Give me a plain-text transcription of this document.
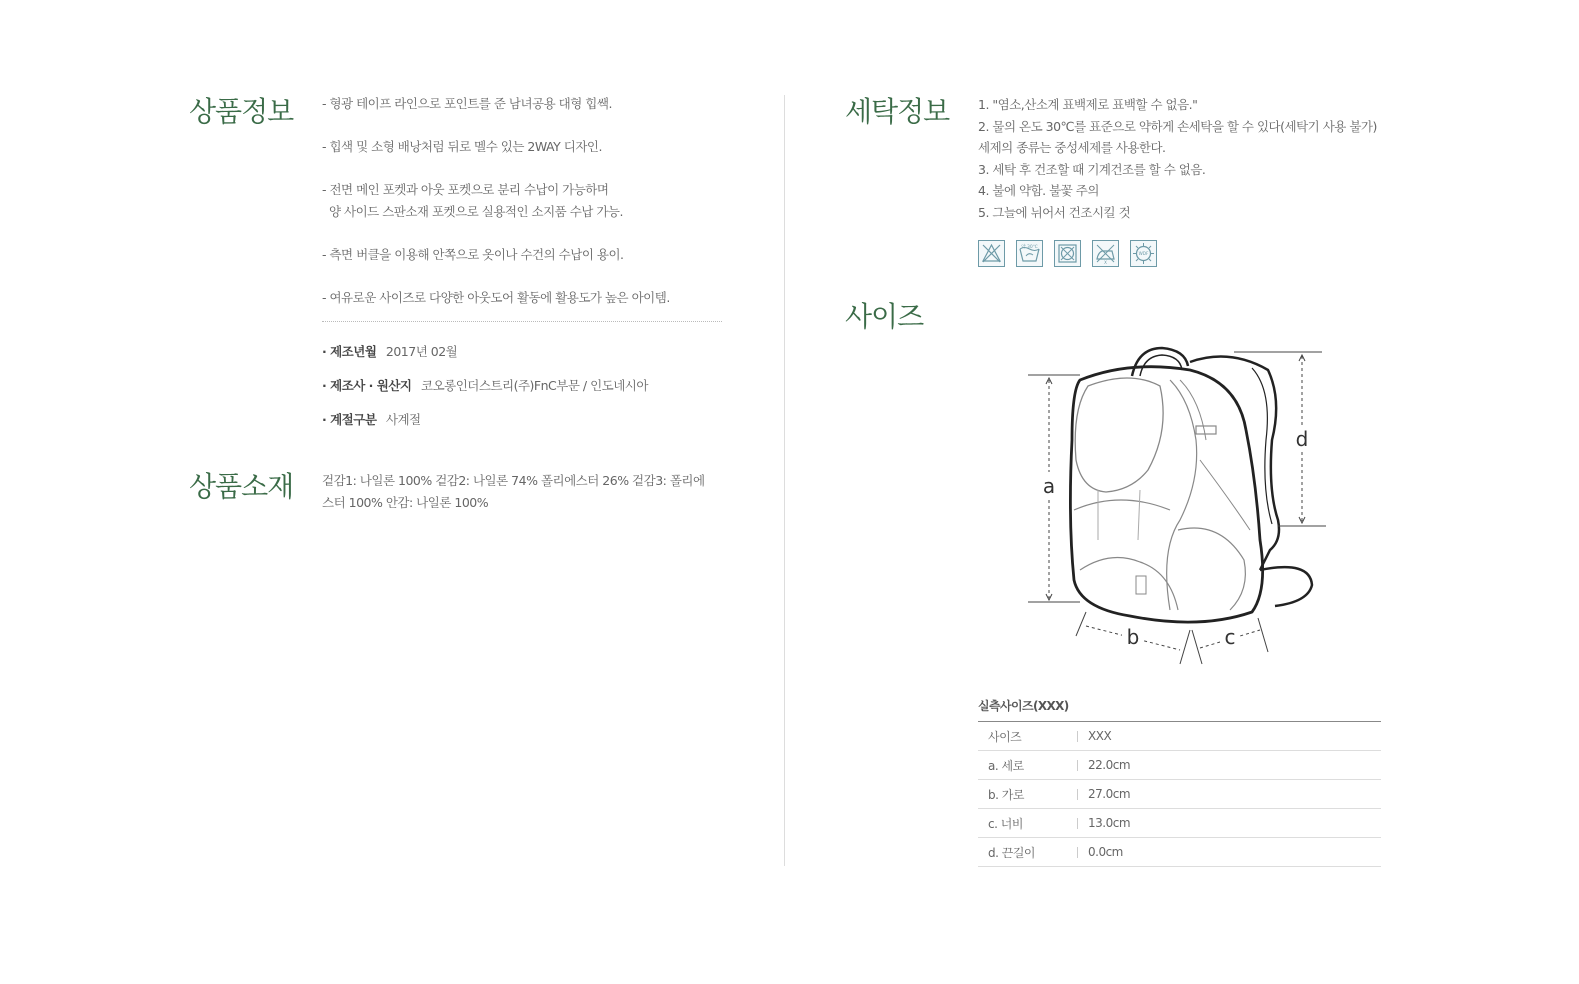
상품정보 - 형광 테이프 라인으로 포인트를 준 남녀공용 대형 힙쌕.
- 힙색 및 소형 배낭처럼 뒤로 멜수 있는 2WAY 디자인.
- 전면 메인 포켓과 아웃 포켓으로 분리 수납이 가능하며
양 사이드 스판소재 포켓으로 실용적인 소지품 수납 가능.
- 측면 버클을 이용해 안쪽으로 옷이나 수건의 수납이 용이.
- 여유로운 사이즈로 다양한 아웃도어 활동에 활용도가 높은 아이템.
· 제조년월 2017년 02월
· 제조사 · 원산지 코오롱인더스트리(주)FnC부문 / 인도네시아
· 계절구분 사계절
상품소재 겉감1: 나일론 100% 겉감2: 나일론 74% 폴리에스터 26% 겉감3: 폴리에스터 100% 안감: 나일론 100%
세탁정보 1. "염소,산소계 표백제로 표백할 수 없음."
2. 물의 온도 30℃를 표준으로 약하게 손세탁을 할 수 있다(세탁기 사용 불가) 세제의 종류는 중성세제를 사용한다.
3. 세탁 후 건조할 때 기계건조를 할 수 없음.
4. 불에 약함. 불꽃 주의
5. 그늘에 뉘어서 건조시킬 것
약 30℃
X
WDF
사이즈
a
d
b	c
실측사이즈(XXX)
사이즈	XXX
a. 세로	22.0cm
b. 가로	27.0cm
c. 너비	13.0cm
d. 끈길이	0.0cm
